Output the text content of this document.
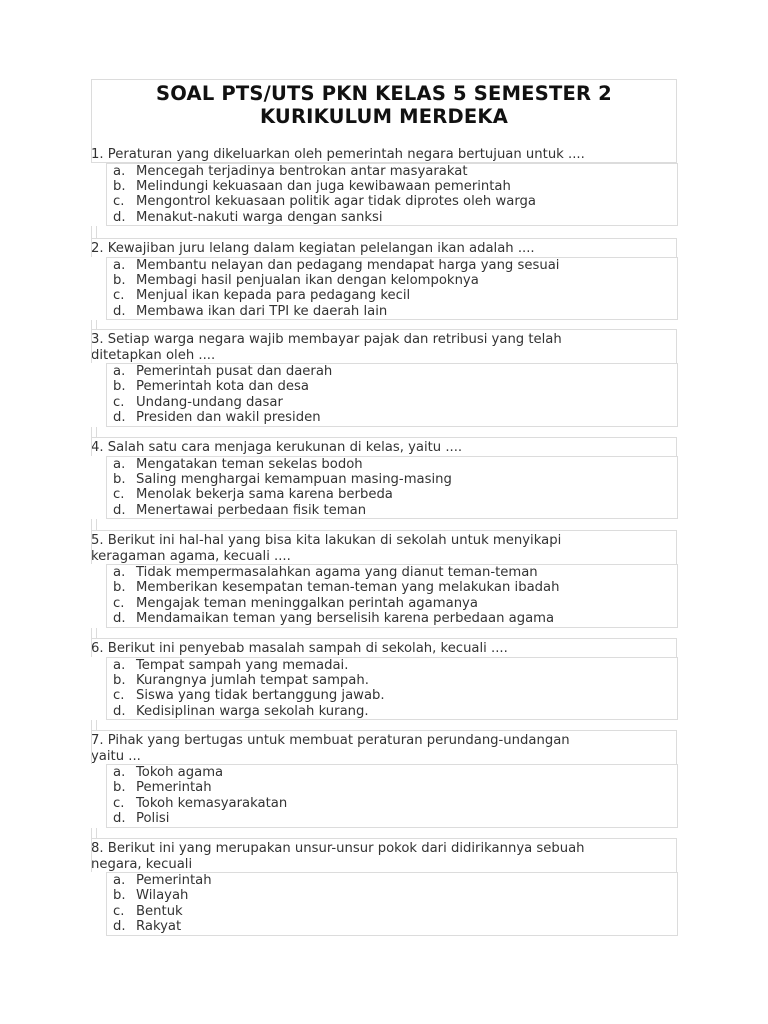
SOAL PTS/UTS PKN KELAS 5 SEMESTER 2
KURIKULUM MERDEKA

1. Peraturan yang dikeluarkan oleh pemerintah negara bertujuan untuk ....

a. Mencegah terjadinya bentrokan antar masyarakat
b. Melindungi kekuasaan dan juga kewibawaan pemerintah
c. Mengontrol kekuasaan politik agar tidak diprotes oleh warga
d. Menakut-nakuti warga dengan sanksi

2. Kewajiban juru lelang dalam kegiatan pelelangan ikan adalah ....

a. Membantu nelayan dan pedagang mendapat harga yang sesuai
b. Membagi hasil penjualan ikan dengan kelompoknya
c. Menjual ikan kepada para pedagang kecil
d. Membawa ikan dari TPI ke daerah lain

3. Setiap warga negara wajib membayar pajak dan retribusi yang telah
ditetapkan oleh ....

a. Pemerintah pusat dan daerah
b. Pemerintah kota dan desa
c. Undang-undang dasar
d. Presiden dan wakil presiden

4. Salah satu cara menjaga kerukunan di kelas, yaitu ....

a. Mengatakan teman sekelas bodoh
b. Saling menghargai kemampuan masing-masing
c. Menolak bekerja sama karena berbeda
d. Menertawai perbedaan fisik teman

5. Berikut ini hal-hal yang bisa kita lakukan di sekolah untuk menyikapi
keragaman agama, kecuali ....

a. Tidak mempermasalahkan agama yang dianut teman-teman
b. Memberikan kesempatan teman-teman yang melakukan ibadah
c. Mengajak teman meninggalkan perintah agamanya
d. Mendamaikan teman yang berselisih karena perbedaan agama

6. Berikut ini penyebab masalah sampah di sekolah, kecuali ....

a. Tempat sampah yang memadai.
b. Kurangnya jumlah tempat sampah.
c. Siswa yang tidak bertanggung jawab.
d. Kedisiplinan warga sekolah kurang.

7. Pihak yang bertugas untuk membuat peraturan perundang-undangan
yaitu ...

a. Tokoh agama
b. Pemerintah
c. Tokoh kemasyarakatan
d. Polisi

8. Berikut ini yang merupakan unsur-unsur pokok dari didirikannya sebuah
negara, kecuali

a. Pemerintah
b. Wilayah
c. Bentuk
d. Rakyat
